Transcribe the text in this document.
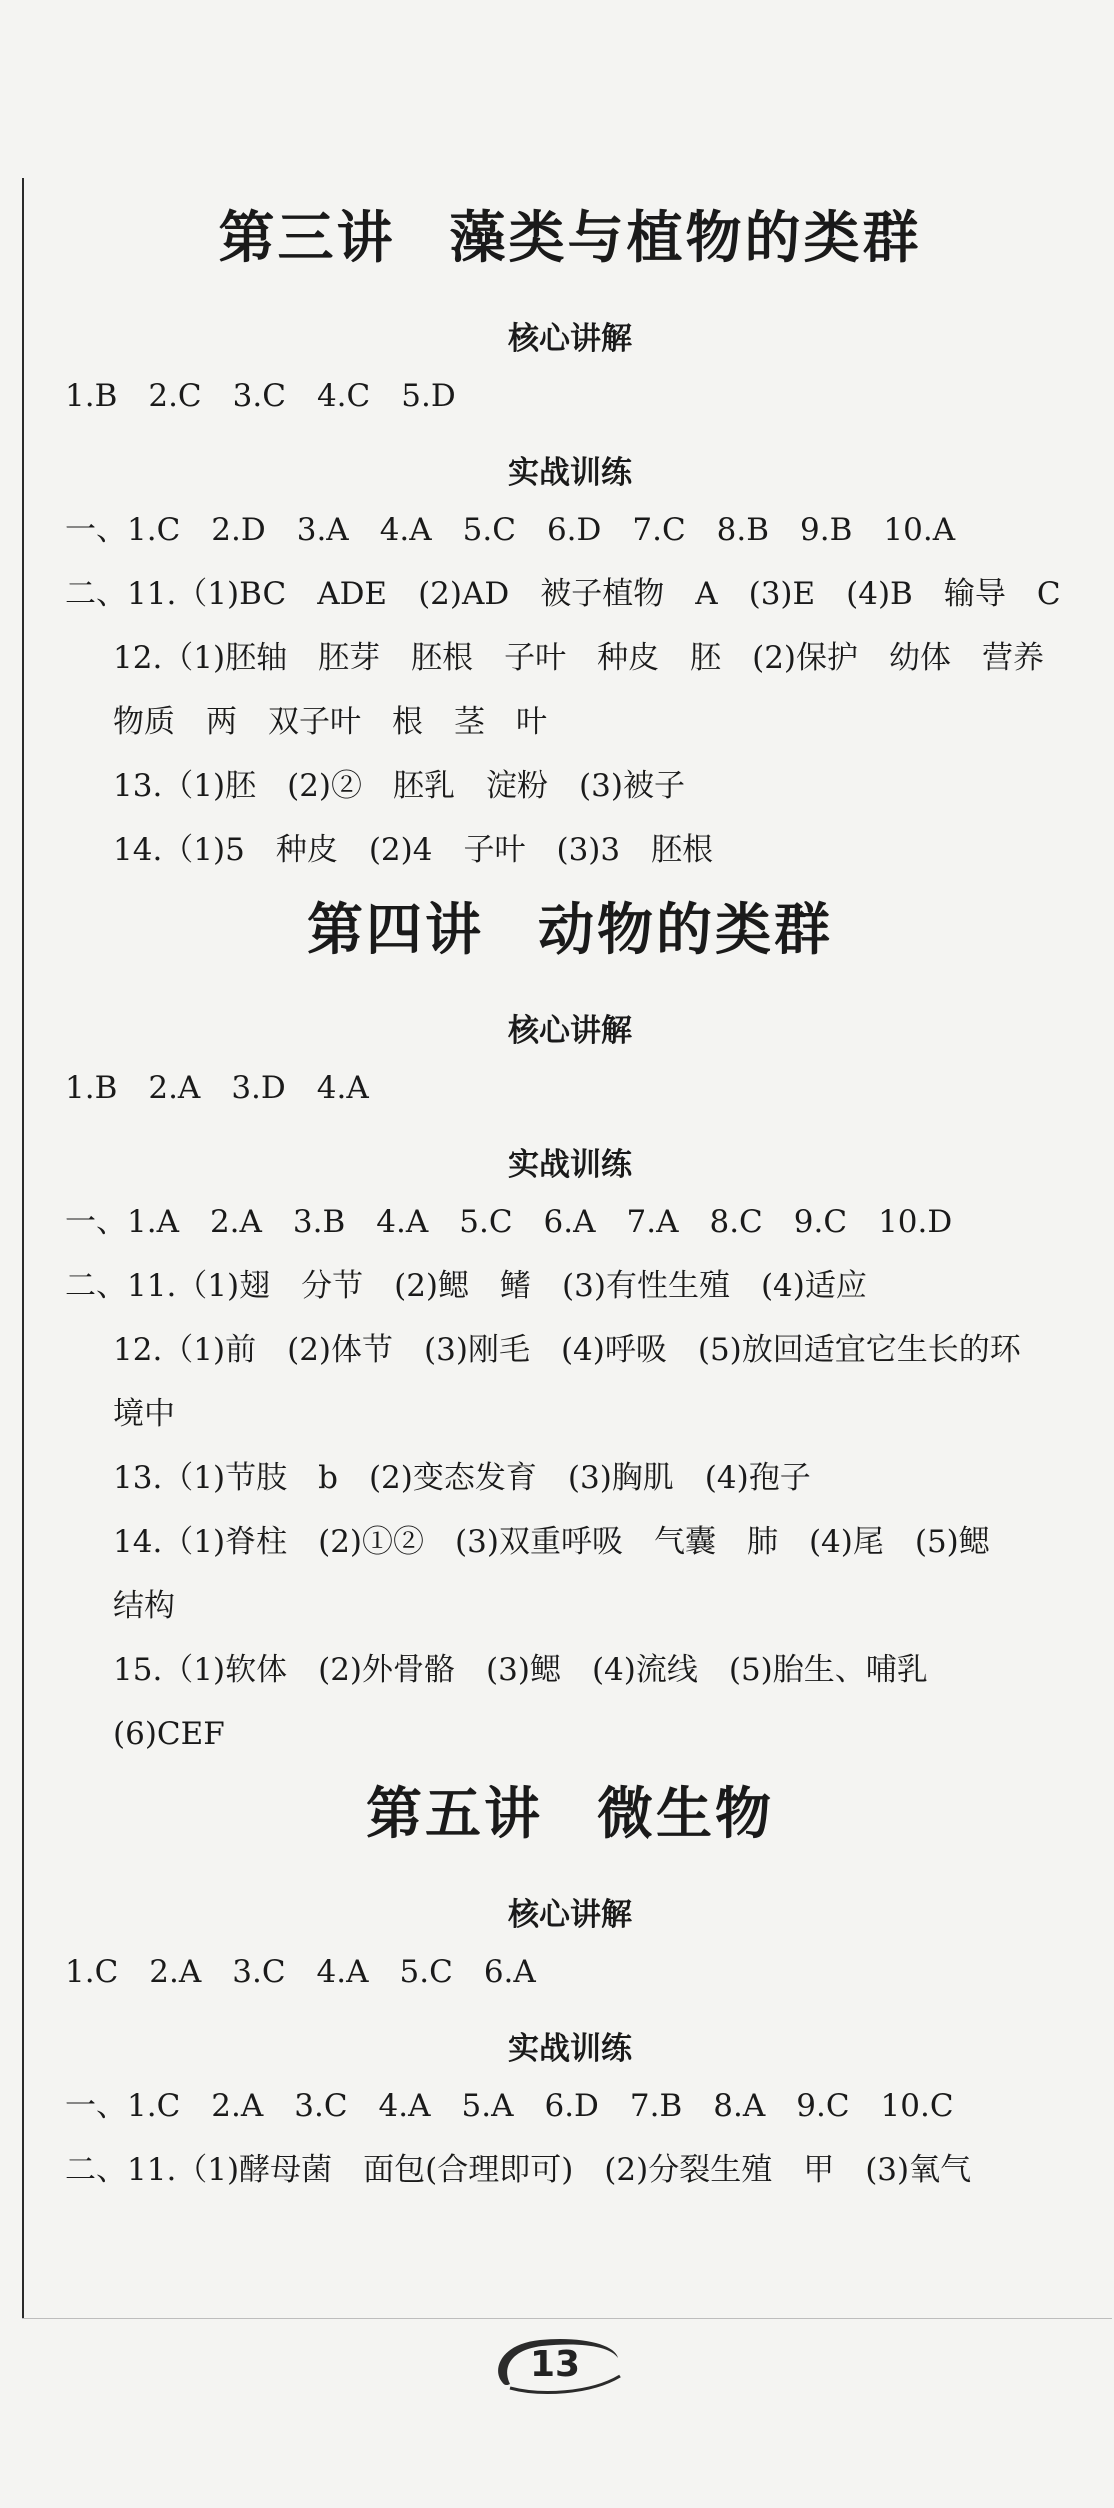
第三讲 藻类与植物的类群

核心讲解

1.B　2.C　3.C　4.C　5.D

实战训练

一、1.C　2.D　3.A　4.A　5.C　6.D　7.C　8.B　9.B　10.A

二、11.（1)BC　ADE　(2)AD　被子植物　A　(3)E　(4)B　输导　C

12.（1)胚轴　胚芽　胚根　子叶　种皮　胚　(2)保护　幼体　营养

物质　两　双子叶　根　茎　叶

13.（1)胚　(2)②　胚乳　淀粉　(3)被子

14.（1)5　种皮　(2)4　子叶　(3)3　胚根

第四讲 动物的类群

核心讲解

1.B　2.A　3.D　4.A

实战训练

一、1.A　2.A　3.B　4.A　5.C　6.A　7.A　8.C　9.C　10.D

二、11.（1)翅　分节　(2)鳃　鳍　(3)有性生殖　(4)适应

12.（1)前　(2)体节　(3)刚毛　(4)呼吸　(5)放回适宜它生长的环

境中

13.（1)节肢　b　(2)变态发育　(3)胸肌　(4)孢子

14.（1)脊柱　(2)①②　(3)双重呼吸　气囊　肺　(4)尾　(5)鳃

结构

15.（1)软体　(2)外骨骼　(3)鳃　(4)流线　(5)胎生、哺乳

(6)CEF

第五讲 微生物

核心讲解

1.C　2.A　3.C　4.A　5.C　6.A

实战训练

一、1.C　2.A　3.C　4.A　5.A　6.D　7.B　8.A　9.C　10.C

二、11.（1)酵母菌　面包(合理即可)　(2)分裂生殖　甲　(3)氧气

13
